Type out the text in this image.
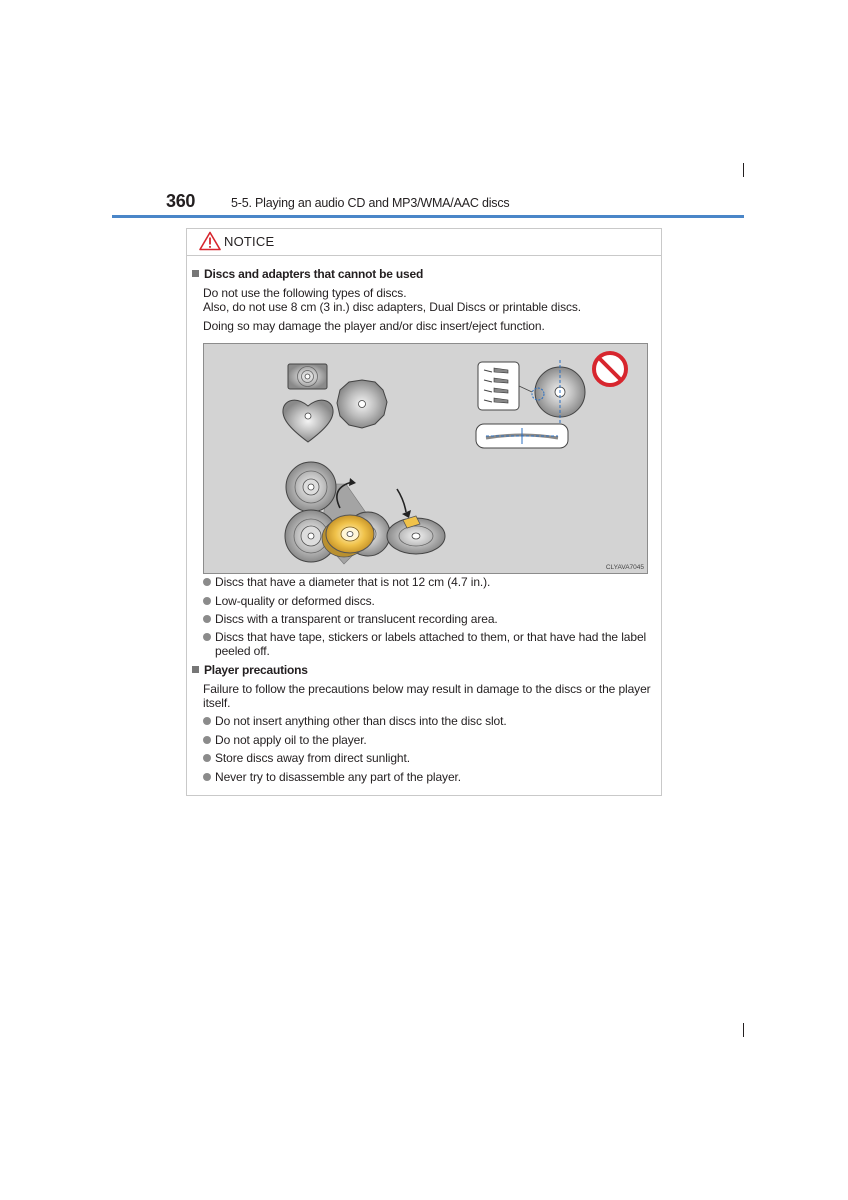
360	5-5. Playing an audio CD and MP3/WMA/AAC discs
NOTICE
Discs and adapters that cannot be used
Do not use the following types of discs.
Also, do not use 8 cm (3 in.) disc adapters, Dual Discs or printable discs.
Doing so may damage the player and/or disc insert/eject function.
CLYAVA7045
Discs that have a diameter that is not 12 cm (4.7 in.).
Low-quality or deformed discs.
Discs with a transparent or translucent recording area.
Discs that have tape, stickers or labels attached to them, or that have had the label peeled off.
Player precautions
Failure to follow the precautions below may result in damage to the discs or the player itself.
Do not insert anything other than discs into the disc slot.
Do not apply oil to the player.
Store discs away from direct sunlight.
Never try to disassemble any part of the player.
